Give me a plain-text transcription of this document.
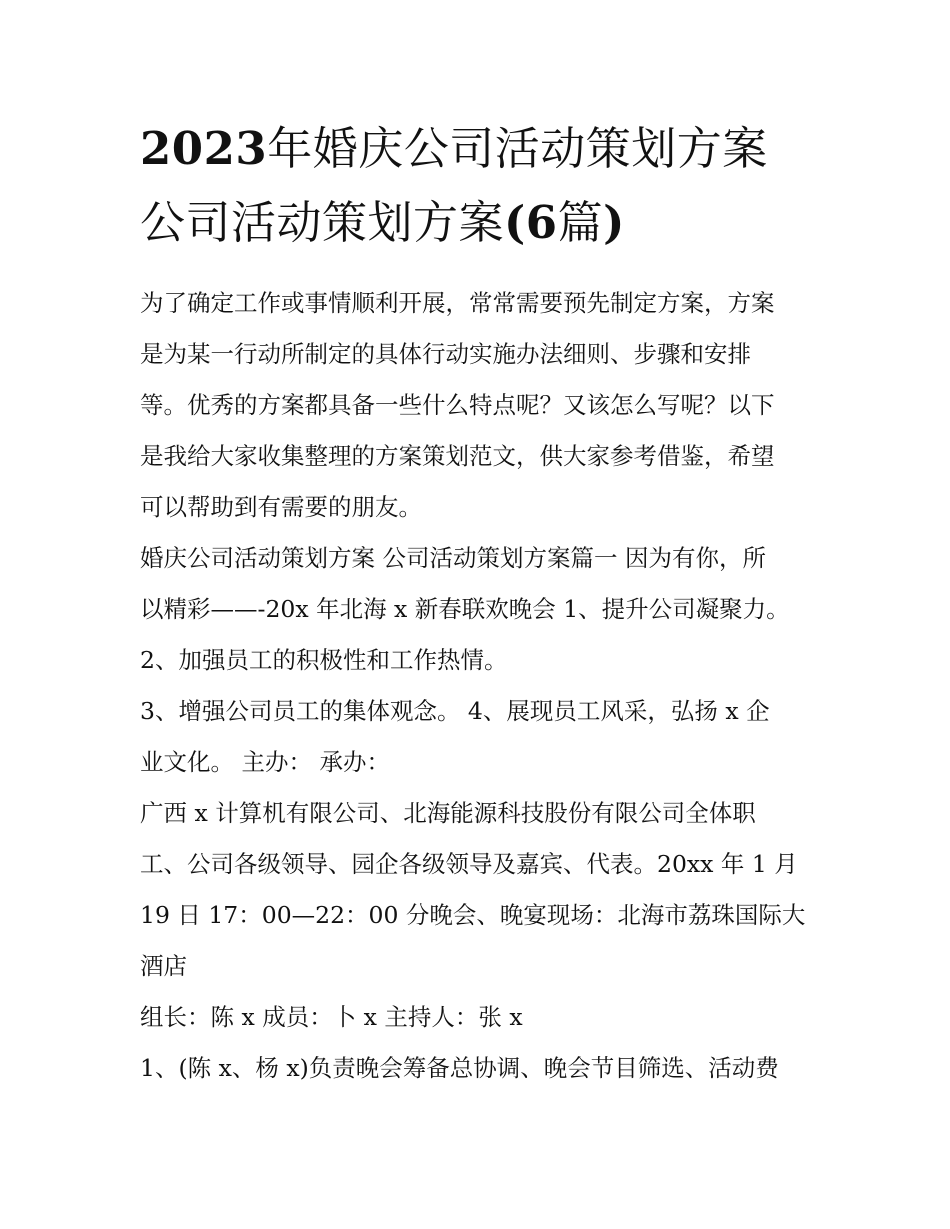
2023年婚庆公司活动策划方案
公司活动策划方案(6篇)
为了确定工作或事情顺利开展，常常需要预先制定方案，方案
是为某一行动所制定的具体行动实施办法细则、步骤和安排
等。优秀的方案都具备一些什么特点呢？又该怎么写呢？以下
是我给大家收集整理的方案策划范文，供大家参考借鉴，希望
可以帮助到有需要的朋友。
婚庆公司活动策划方案 公司活动策划方案篇一 因为有你，所
以精彩——-20x 年北海 x 新春联欢晚会 1、提升公司凝聚力。
2、加强员工的积极性和工作热情。
3、增强公司员工的集体观念。 4、展现员工风采，弘扬 x 企
业文化。 主办： 承办：
广西 x 计算机有限公司、北海能源科技股份有限公司全体职
工、公司各级领导、园企各级领导及嘉宾、代表。20xx 年 1 月
19 日 17：00—22：00 分晚会、晚宴现场：北海市荔珠国际大
酒店
组长：陈 x 成员：卜 x 主持人：张 x
1、(陈 x、杨 x)负责晚会筹备总协调、晚会节目筛选、活动费
